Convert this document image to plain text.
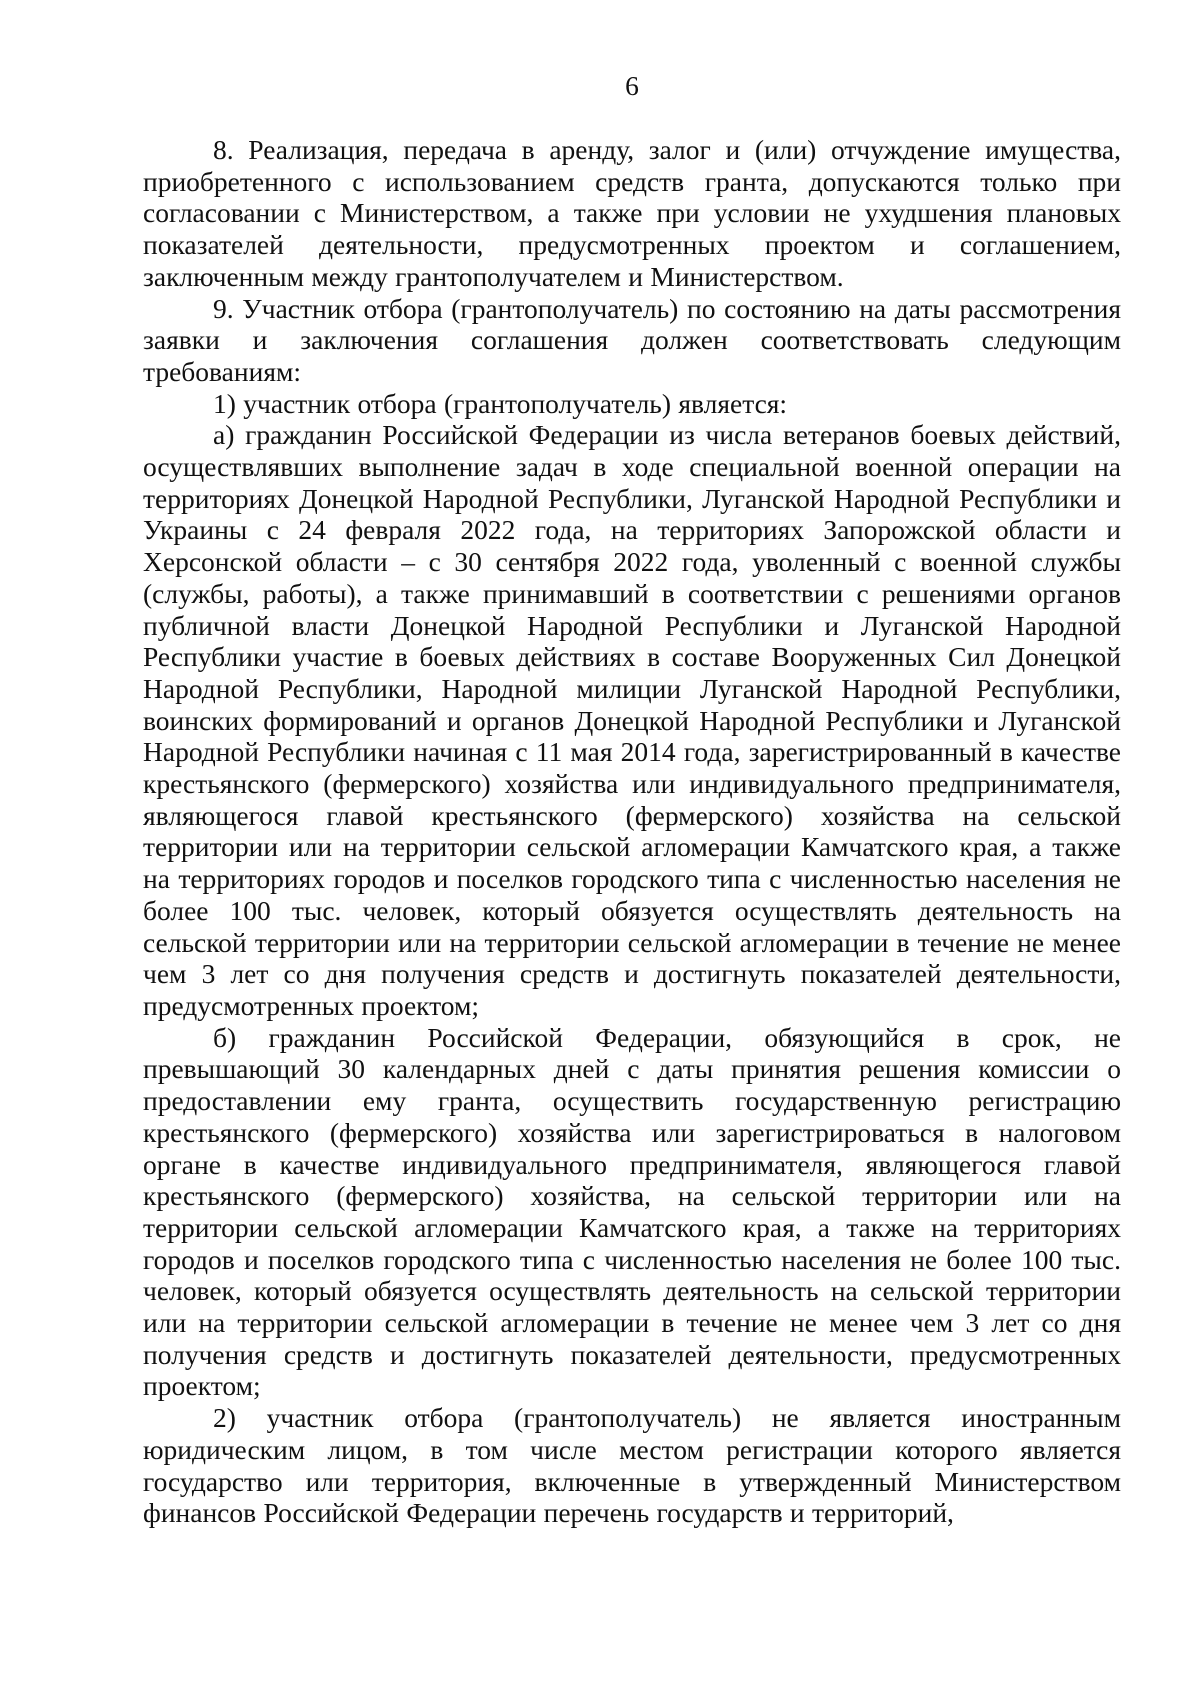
6

8. Реализация, передача в аренду, залог и (или) отчуждение имущества, приобретенного с использованием средств гранта, допускаются только при согласовании с Министерством, а также при условии не ухудшения плановых показателей деятельности, предусмотренных проектом и соглашением, заключенным между грантополучателем и Министерством.

9. Участник отбора (грантополучатель) по состоянию на даты рассмотрения заявки и заключения соглашения должен соответствовать следующим требованиям:

1) участник отбора (грантополучатель) является:

а) гражданин Российской Федерации из числа ветеранов боевых действий, осуществлявших выполнение задач в ходе специальной военной операции на территориях Донецкой Народной Республики, Луганской Народной Республики и Украины с 24 февраля 2022 года, на территориях Запорожской области и Херсонской области – с 30 сентября 2022 года, уволенный с военной службы (службы, работы), а также принимавший в соответствии с решениями органов публичной власти Донецкой Народной Республики и Луганской Народной Республики участие в боевых действиях в составе Вооруженных Сил Донецкой Народной Республики, Народной милиции Луганской Народной Республики, воинских формирований и органов Донецкой Народной Республики и Луганской Народной Республики начиная с 11 мая 2014 года, зарегистрированный в качестве крестьянского (фермерского) хозяйства или индивидуального предпринимателя, являющегося главой крестьянского (фермерского) хозяйства на сельской территории или на территории сельской агломерации Камчатского края, а также на территориях городов и поселков городского типа с численностью населения не более 100 тыс. человек, который обязуется осуществлять деятельность на сельской территории или на территории сельской агломерации в течение не менее чем 3 лет со дня получения средств и достигнуть показателей деятельности, предусмотренных проектом;

б) гражданин Российской Федерации, обязующийся в срок, не превышающий 30 календарных дней с даты принятия решения комиссии о предоставлении ему гранта, осуществить государственную регистрацию крестьянского (фермерского) хозяйства или зарегистрироваться в налоговом органе в качестве индивидуального предпринимателя, являющегося главой крестьянского (фермерского) хозяйства, на сельской территории или на территории сельской агломерации Камчатского края, а также на территориях городов и поселков городского типа с численностью населения не более 100 тыс. человек, который обязуется осуществлять деятельность на сельской территории или на территории сельской агломерации в течение не менее чем 3 лет со дня получения средств и достигнуть показателей деятельности, предусмотренных проектом;

2) участник отбора (грантополучатель) не является иностранным юридическим лицом, в том числе местом регистрации которого является государство или территория, включенные в утвержденный Министерством финансов Российской Федерации перечень государств и территорий,
